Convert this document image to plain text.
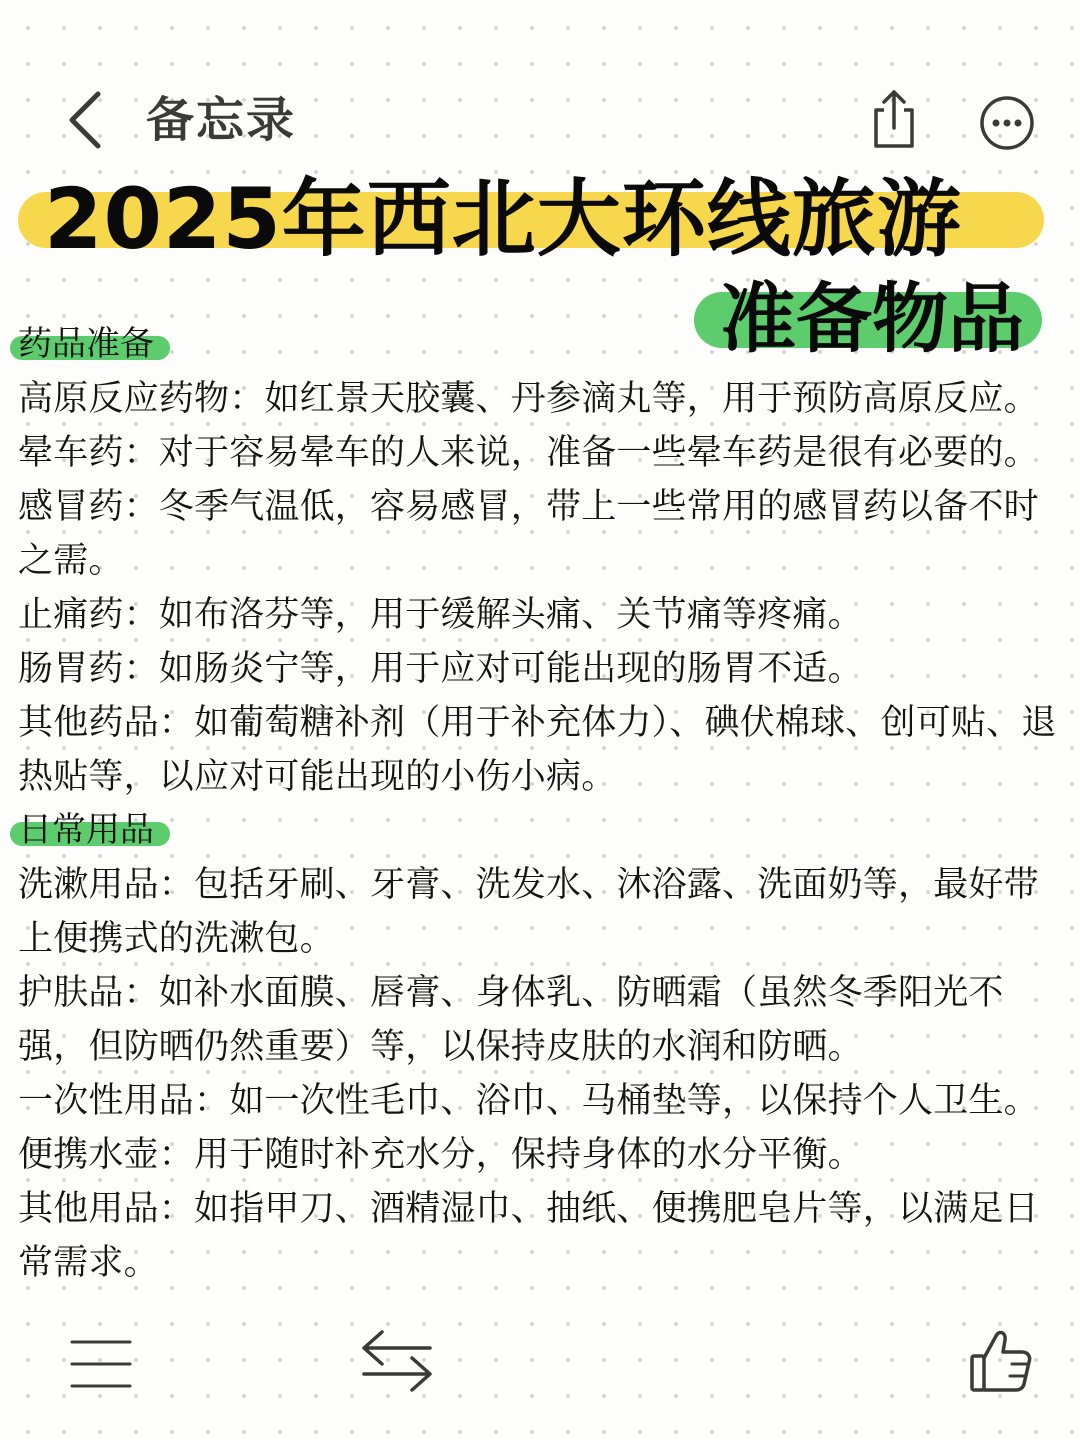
备忘录
2025年西北大环线旅游
准备物品
药品准备
高原反应药物：如红景天胶囊、丹参滴丸等，用于预防高原反应。
晕车药：对于容易晕车的人来说，准备一些晕车药是很有必要的。
感冒药：冬季气温低，容易感冒，带上一些常用的感冒药以备不时之需。
止痛药：如布洛芬等，用于缓解头痛、关节痛等疼痛。
肠胃药：如肠炎宁等，用于应对可能出现的肠胃不适。
其他药品：如葡萄糖补剂（用于补充体力）、碘伏棉球、创可贴、退热贴等，以应对可能出现的小伤小病。
日常用品
洗漱用品：包括牙刷、牙膏、洗发水、沐浴露、洗面奶等，最好带上便携式的洗漱包。
护肤品：如补水面膜、唇膏、身体乳、防晒霜（虽然冬季阳光不强，但防晒仍然重要）等，以保持皮肤的水润和防晒。
一次性用品：如一次性毛巾、浴巾、马桶垫等，以保持个人卫生。
便携水壶：用于随时补充水分，保持身体的水分平衡。
其他用品：如指甲刀、酒精湿巾、抽纸、便携肥皂片等，以满足日常需求。
